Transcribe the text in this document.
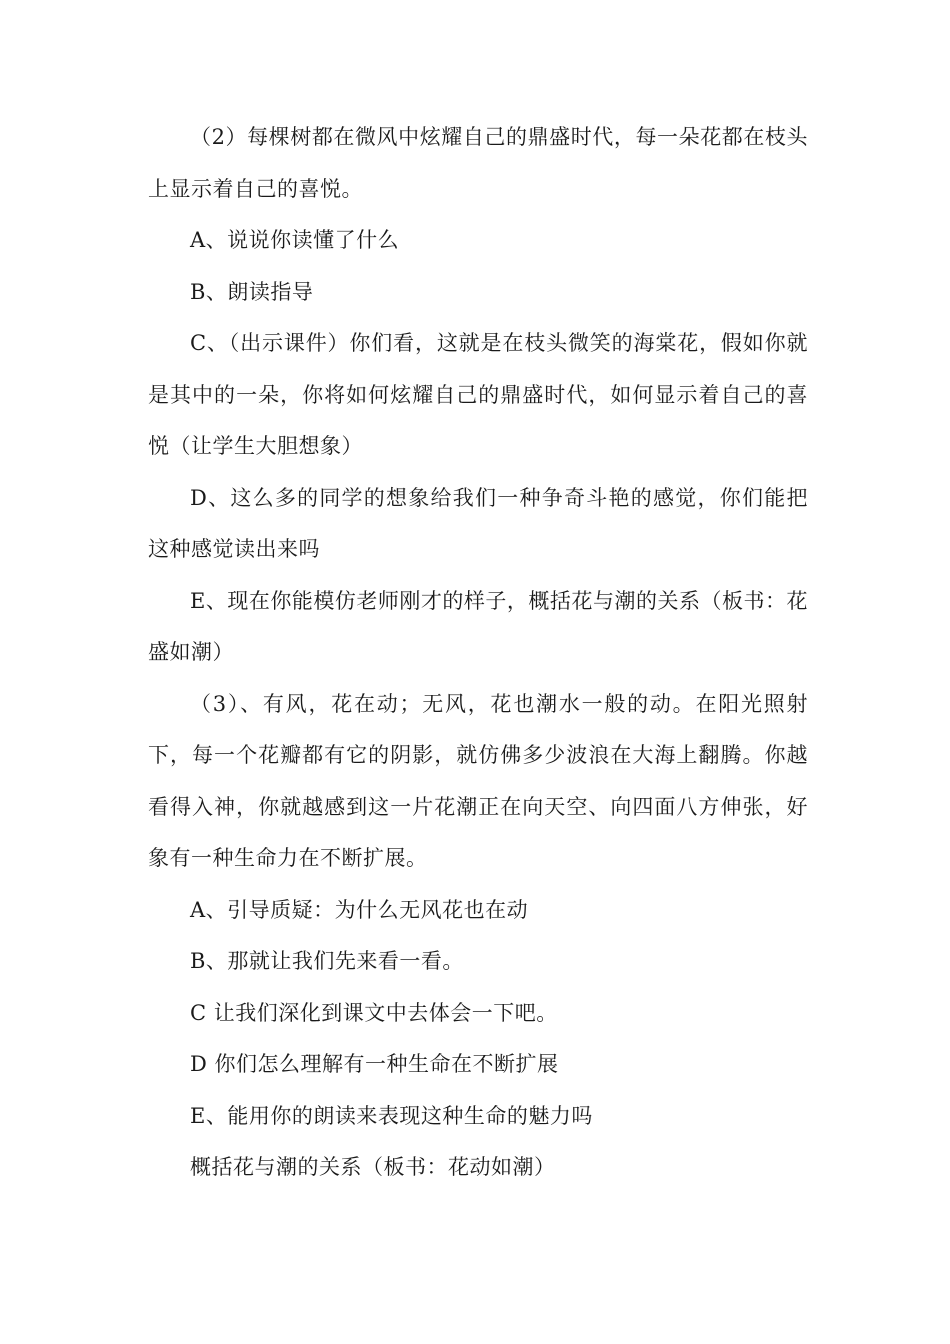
（2）每棵树都在微风中炫耀自己的鼎盛时代，每一朵花都在枝头上显示着自己的喜悦。

A、说说你读懂了什么

B、朗读指导

C、（出示课件）你们看，这就是在枝头微笑的海棠花，假如你就是其中的一朵，你将如何炫耀自己的鼎盛时代，如何显示着自己的喜悦（让学生大胆想象）

D、这么多的同学的想象给我们一种争奇斗艳的感觉，你们能把这种感觉读出来吗

E、现在你能模仿老师刚才的样子，概括花与潮的关系（板书：花盛如潮）

（3）、有风，花在动；无风，花也潮水一般的动。在阳光照射下，每一个花瓣都有它的阴影，就仿佛多少波浪在大海上翻腾。你越看得入神，你就越感到这一片花潮正在向天空、向四面八方伸张，好象有一种生命力在不断扩展。

A、引导质疑：为什么无风花也在动

B、那就让我们先来看一看。

C 让我们深化到课文中去体会一下吧。

D 你们怎么理解有一种生命在不断扩展

E、能用你的朗读来表现这种生命的魅力吗

概括花与潮的关系（板书：花动如潮）
